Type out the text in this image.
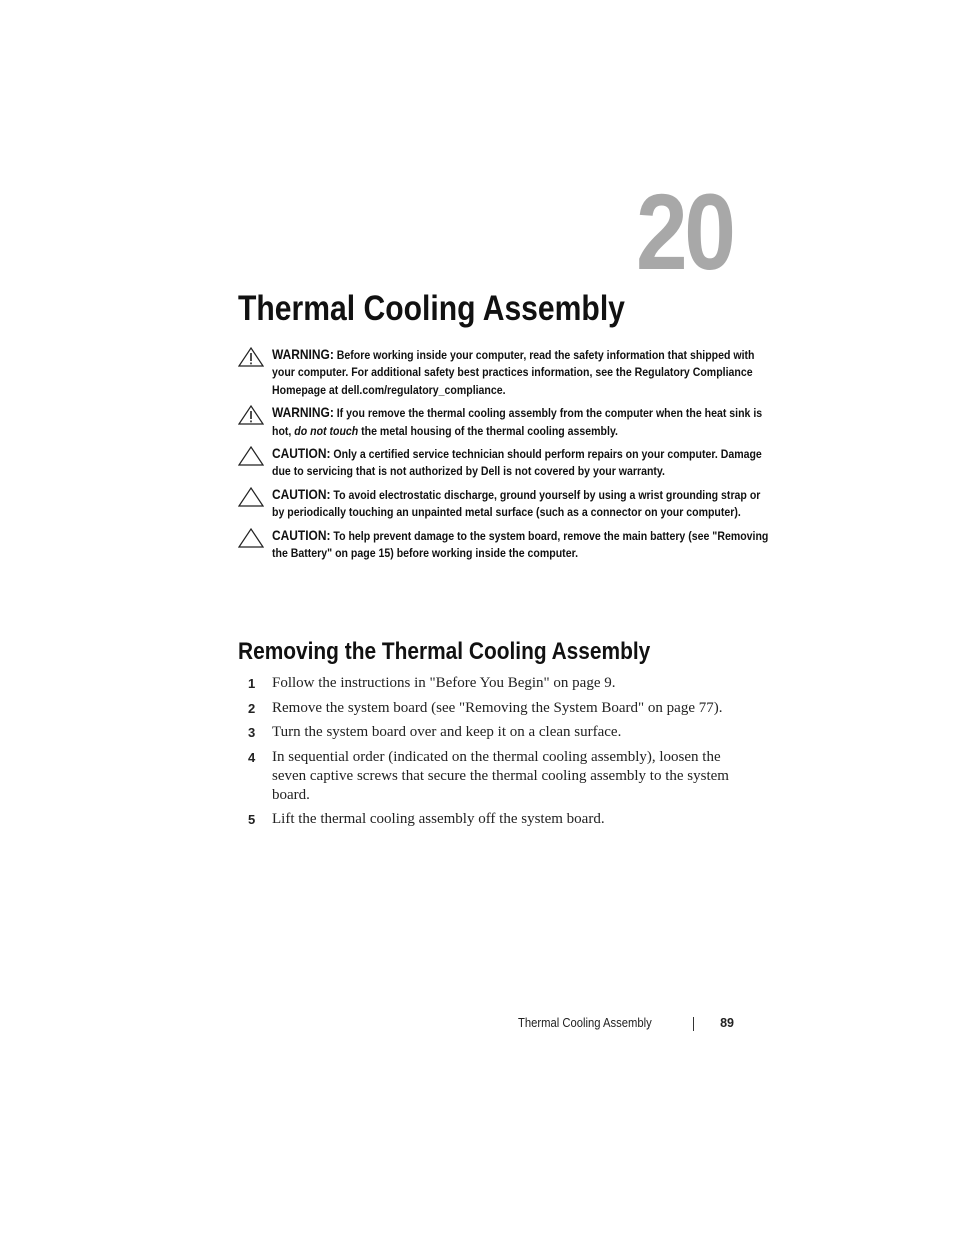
20
Thermal Cooling Assembly
WARNING: Before working inside your computer, read the safety information that shipped with your computer. For additional safety best practices information, see the Regulatory Compliance Homepage at dell.com/regulatory_compliance.
WARNING: If you remove the thermal cooling assembly from the computer when the heat sink is hot, do not touch the metal housing of the thermal cooling assembly.
CAUTION: Only a certified service technician should perform repairs on your computer. Damage due to servicing that is not authorized by Dell is not covered by your warranty.
CAUTION: To avoid electrostatic discharge, ground yourself by using a wrist grounding strap or by periodically touching an unpainted metal surface (such as a connector on your computer).
CAUTION: To help prevent damage to the system board, remove the main battery (see "Removing the Battery" on page 15) before working inside the computer.
Removing the Thermal Cooling Assembly
1 Follow the instructions in "Before You Begin" on page 9.
2 Remove the system board (see "Removing the System Board" on page 77).
3 Turn the system board over and keep it on a clean surface.
4 In sequential order (indicated on the thermal cooling assembly), loosen the seven captive screws that secure the thermal cooling assembly to the system board.
5 Lift the thermal cooling assembly off the system board.
Thermal Cooling Assembly	89
